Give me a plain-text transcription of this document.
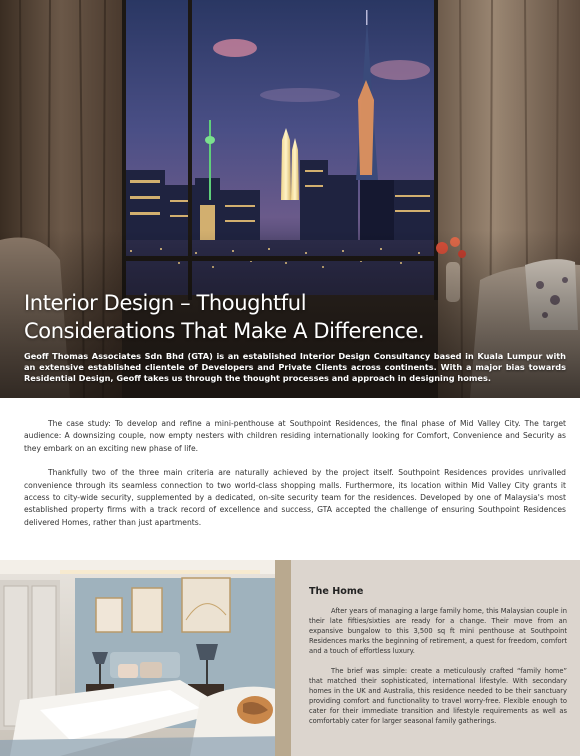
Interior Design – Thoughtful
Considerations That Make A Difference.

Geoff Thomas Associates Sdn Bhd (GTA) is an established Interior Design Consultancy based in Kuala Lumpur with an extensive established clientele of Developers and Private Clients across continents. With a major bias towards Residential Design, Geoff takes us through the thought processes and approach in designing homes.

The case study: To develop and refine a mini-penthouse at Southpoint Residences, the final phase of Mid Valley City. The target audience: A downsizing couple, now empty nesters with children residing internationally looking for Comfort, Convenience and Security as they embark on an exciting new phase of life.

Thankfully two of the three main criteria are naturally achieved by the project itself. Southpoint Residences provides unrivalled convenience through its seamless connection to two world-class shopping malls. Furthermore, its location within Mid Valley City grants it access to city-wide security, supplemented by a dedicated, on-site security team for the residences. Developed by one of Malaysia's most established property firms with a track record of excellence and success, GTA accepted the challenge of ensuring Southpoint Residences delivered Homes, rather than just apartments.

The Home

After years of managing a large family home, this Malaysian couple in their late fifties/sixties are ready for a change. Their move from an expansive bungalow to this 3,500 sq ft mini penthouse at Southpoint Residences marks the beginning of retirement, a quest for freedom, comfort and a touch of effortless luxury.

The brief was simple: create a meticulously crafted “family home” that matched their sophisticated, international lifestyle. With secondary homes in the UK and Australia, this residence needed to be their sanctuary providing comfort and functionality to travel worry-free. Flexible enough to cater for their immediate transition and lifestyle requirements as well as comfortably cater for larger seasonal family gatherings.
